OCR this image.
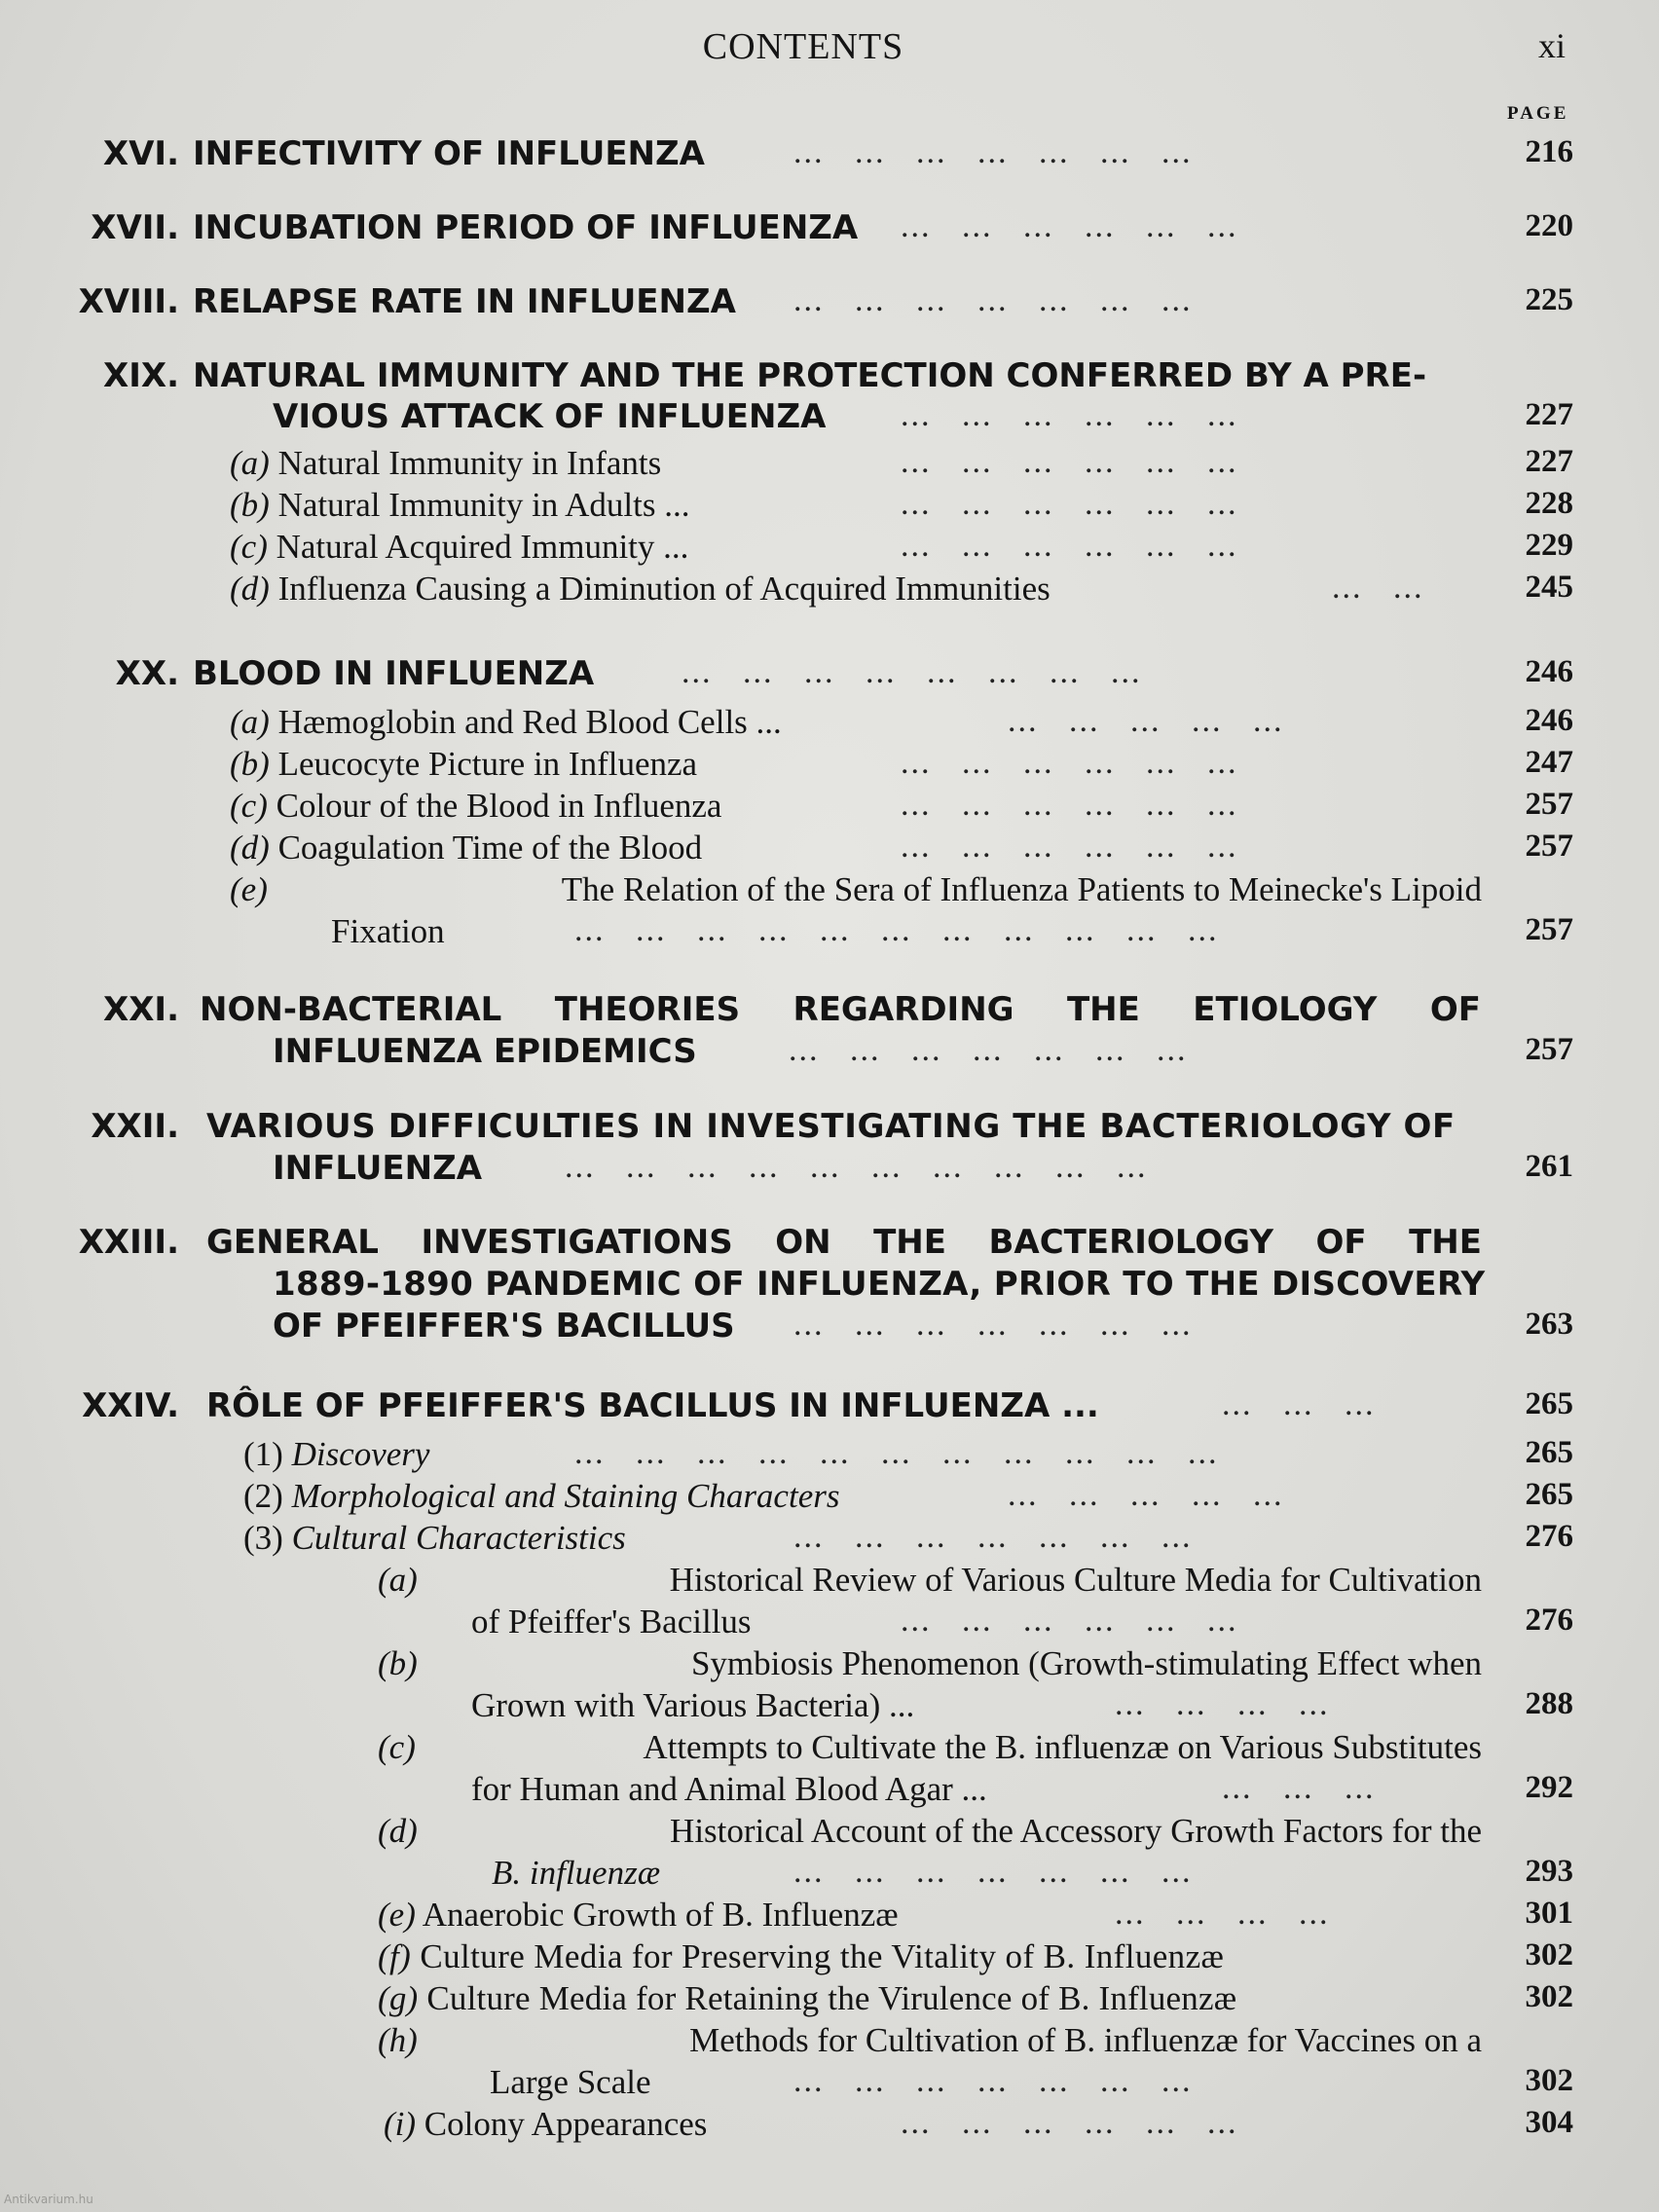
CONTENTS	xi
PAGE
XVI. INFECTIVITY OF INFLUENZA	...   ...   ...   ...   ...   ...   ...	216
XVII. INCUBATION PERIOD OF INFLUENZA ...   ...   ...   ...   ...   ...	220
XVIII. RELAPSE RATE IN INFLUENZA ...   ...   ...   ...   ...   ...   ...	225
XIX. NATURAL IMMUNITY AND THE PROTECTION CONFERRED BY A PRE-
VIOUS ATTACK OF INFLUENZA ...   ...   ...   ...   ...   ...	227
(a) Natural Immunity in Infants	...   ...   ...   ...   ...   ...	227
(b) Natural Immunity in Adults ...	...   ...   ...   ...   ...   ...	228
(c) Natural Acquired Immunity ...	...   ...   ...   ...   ...   ...	229
(d) Influenza Causing a Diminution of Acquired Immunities	...   ...	245
XX. BLOOD IN INFLUENZA	...   ...   ...   ...   ...   ...   ...   ...	246
(a) Hæmoglobin and Red Blood Cells ...	...   ...   ...   ...   ...	246
(b) Leucocyte Picture in Influenza	...   ...   ...   ...   ...   ...	247
(c) Colour of the Blood in Influenza	...   ...   ...   ...   ...   ...	257
(d) Coagulation Time of the Blood	...   ...   ...   ...   ...   ...	257
(e)	The Relation of the Sera of Influenza Patients to Meinecke's Lipoid
Fixation	...   ...   ...   ...   ...   ...   ...   ...   ...   ...   ...	257
XXI. NON-BACTERIAL THEORIES REGARDING THE ETIOLOGY OF
INFLUENZA EPIDEMICS	...   ...   ...   ...   ...   ...   ...	257
XXII. VARIOUS DIFFICULTIES IN INVESTIGATING THE BACTERIOLOGY OF
INFLUENZA ...   ...   ...   ...   ...   ...   ...   ...   ...   ...	261
XXIII. GENERAL INVESTIGATIONS ON THE BACTERIOLOGY OF THE
1889-1890 PANDEMIC OF INFLUENZA, PRIOR TO THE DISCOVERY
OF PFEIFFER'S BACILLUS ...   ...   ...   ...   ...   ...   ...	263
XXIV. RÔLE OF PFEIFFER'S BACILLUS IN INFLUENZA ...	...   ...   ...	265
(1) Discovery	...   ...   ...   ...   ...   ...   ...   ...   ...   ...   ...	265
(2) Morphological and Staining Characters	...   ...   ...   ...   ...	265
(3) Cultural Characteristics	...   ...   ...   ...   ...   ...   ...	276
(a)	Historical Review of Various Culture Media for Cultivation
of Pfeiffer's Bacillus	...   ...   ...   ...   ...   ...	276
(b)	Symbiosis Phenomenon (Growth-stimulating Effect when
Grown with Various Bacteria) ...	...   ...   ...   ...	288
(c)	Attempts to Cultivate the B. influenzæ on Various Substitutes
for Human and Animal Blood Agar ...	...   ...   ...	292
(d)	Historical Account of the Accessory Growth Factors for the
B. influenzæ	...   ...   ...   ...   ...   ...   ...	293
(e) Anaerobic Growth of B. Influenzæ	...   ...   ...   ...	301
(f) Culture Media for Preserving the Vitality of B. Influenzæ	302
(g) Culture Media for Retaining the Virulence of B. Influenzæ	302
(h)	Methods for Cultivation of B. influenzæ for Vaccines on a
Large Scale	...   ...   ...   ...   ...   ...   ...	302
(i) Colony Appearances	...   ...   ...   ...   ...   ...	304
Antikvarium.hu
